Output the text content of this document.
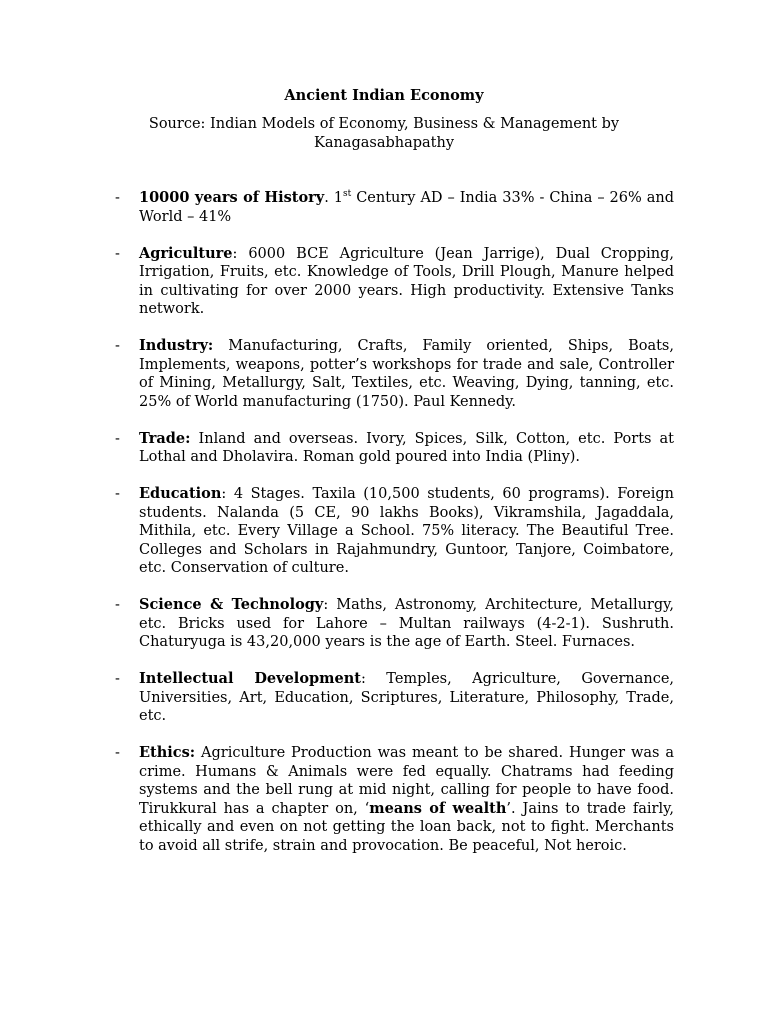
Ancient Indian Economy

Source: Indian Models of Economy, Business & Management by Kanagasabhapathy

- 10000 years of History. 1st Century AD – India 33% - China – 26% and World – 41%

- Agriculture: 6000 BCE Agriculture (Jean Jarrige), Dual Cropping, Irrigation, Fruits, etc. Knowledge of Tools, Drill Plough, Manure helped in cultivating for over 2000 years. High productivity. Extensive Tanks network.

- Industry: Manufacturing, Crafts, Family oriented, Ships, Boats, Implements, weapons, potter’s workshops for trade and sale, Controller of Mining, Metallurgy, Salt, Textiles, etc. Weaving, Dying, tanning, etc. 25% of World manufacturing (1750). Paul Kennedy.

- Trade: Inland and overseas. Ivory, Spices, Silk, Cotton, etc. Ports at Lothal and Dholavira. Roman gold poured into India (Pliny).

- Education: 4 Stages. Taxila (10,500 students, 60 programs). Foreign students. Nalanda (5 CE, 90 lakhs Books), Vikramshila, Jagaddala, Mithila, etc. Every Village a School. 75% literacy. The Beautiful Tree. Colleges and Scholars in Rajahmundry, Guntoor, Tanjore, Coimbatore, etc. Conservation of culture.

- Science & Technology: Maths, Astronomy, Architecture, Metallurgy, etc. Bricks used for Lahore – Multan railways (4-2-1). Sushruth. Chaturyuga is 43,20,000 years is the age of Earth. Steel. Furnaces.

- Intellectual Development: Temples, Agriculture, Governance, Universities, Art, Education, Scriptures, Literature, Philosophy, Trade, etc.

- Ethics: Agriculture Production was meant to be shared. Hunger was a crime. Humans & Animals were fed equally. Chatrams had feeding systems and the bell rung at mid night, calling for people to have food. Tirukkural has a chapter on, ‘means of wealth’. Jains to trade fairly, ethically and even on not getting the loan back, not to fight. Merchants to avoid all strife, strain and provocation. Be peaceful, Not heroic.
